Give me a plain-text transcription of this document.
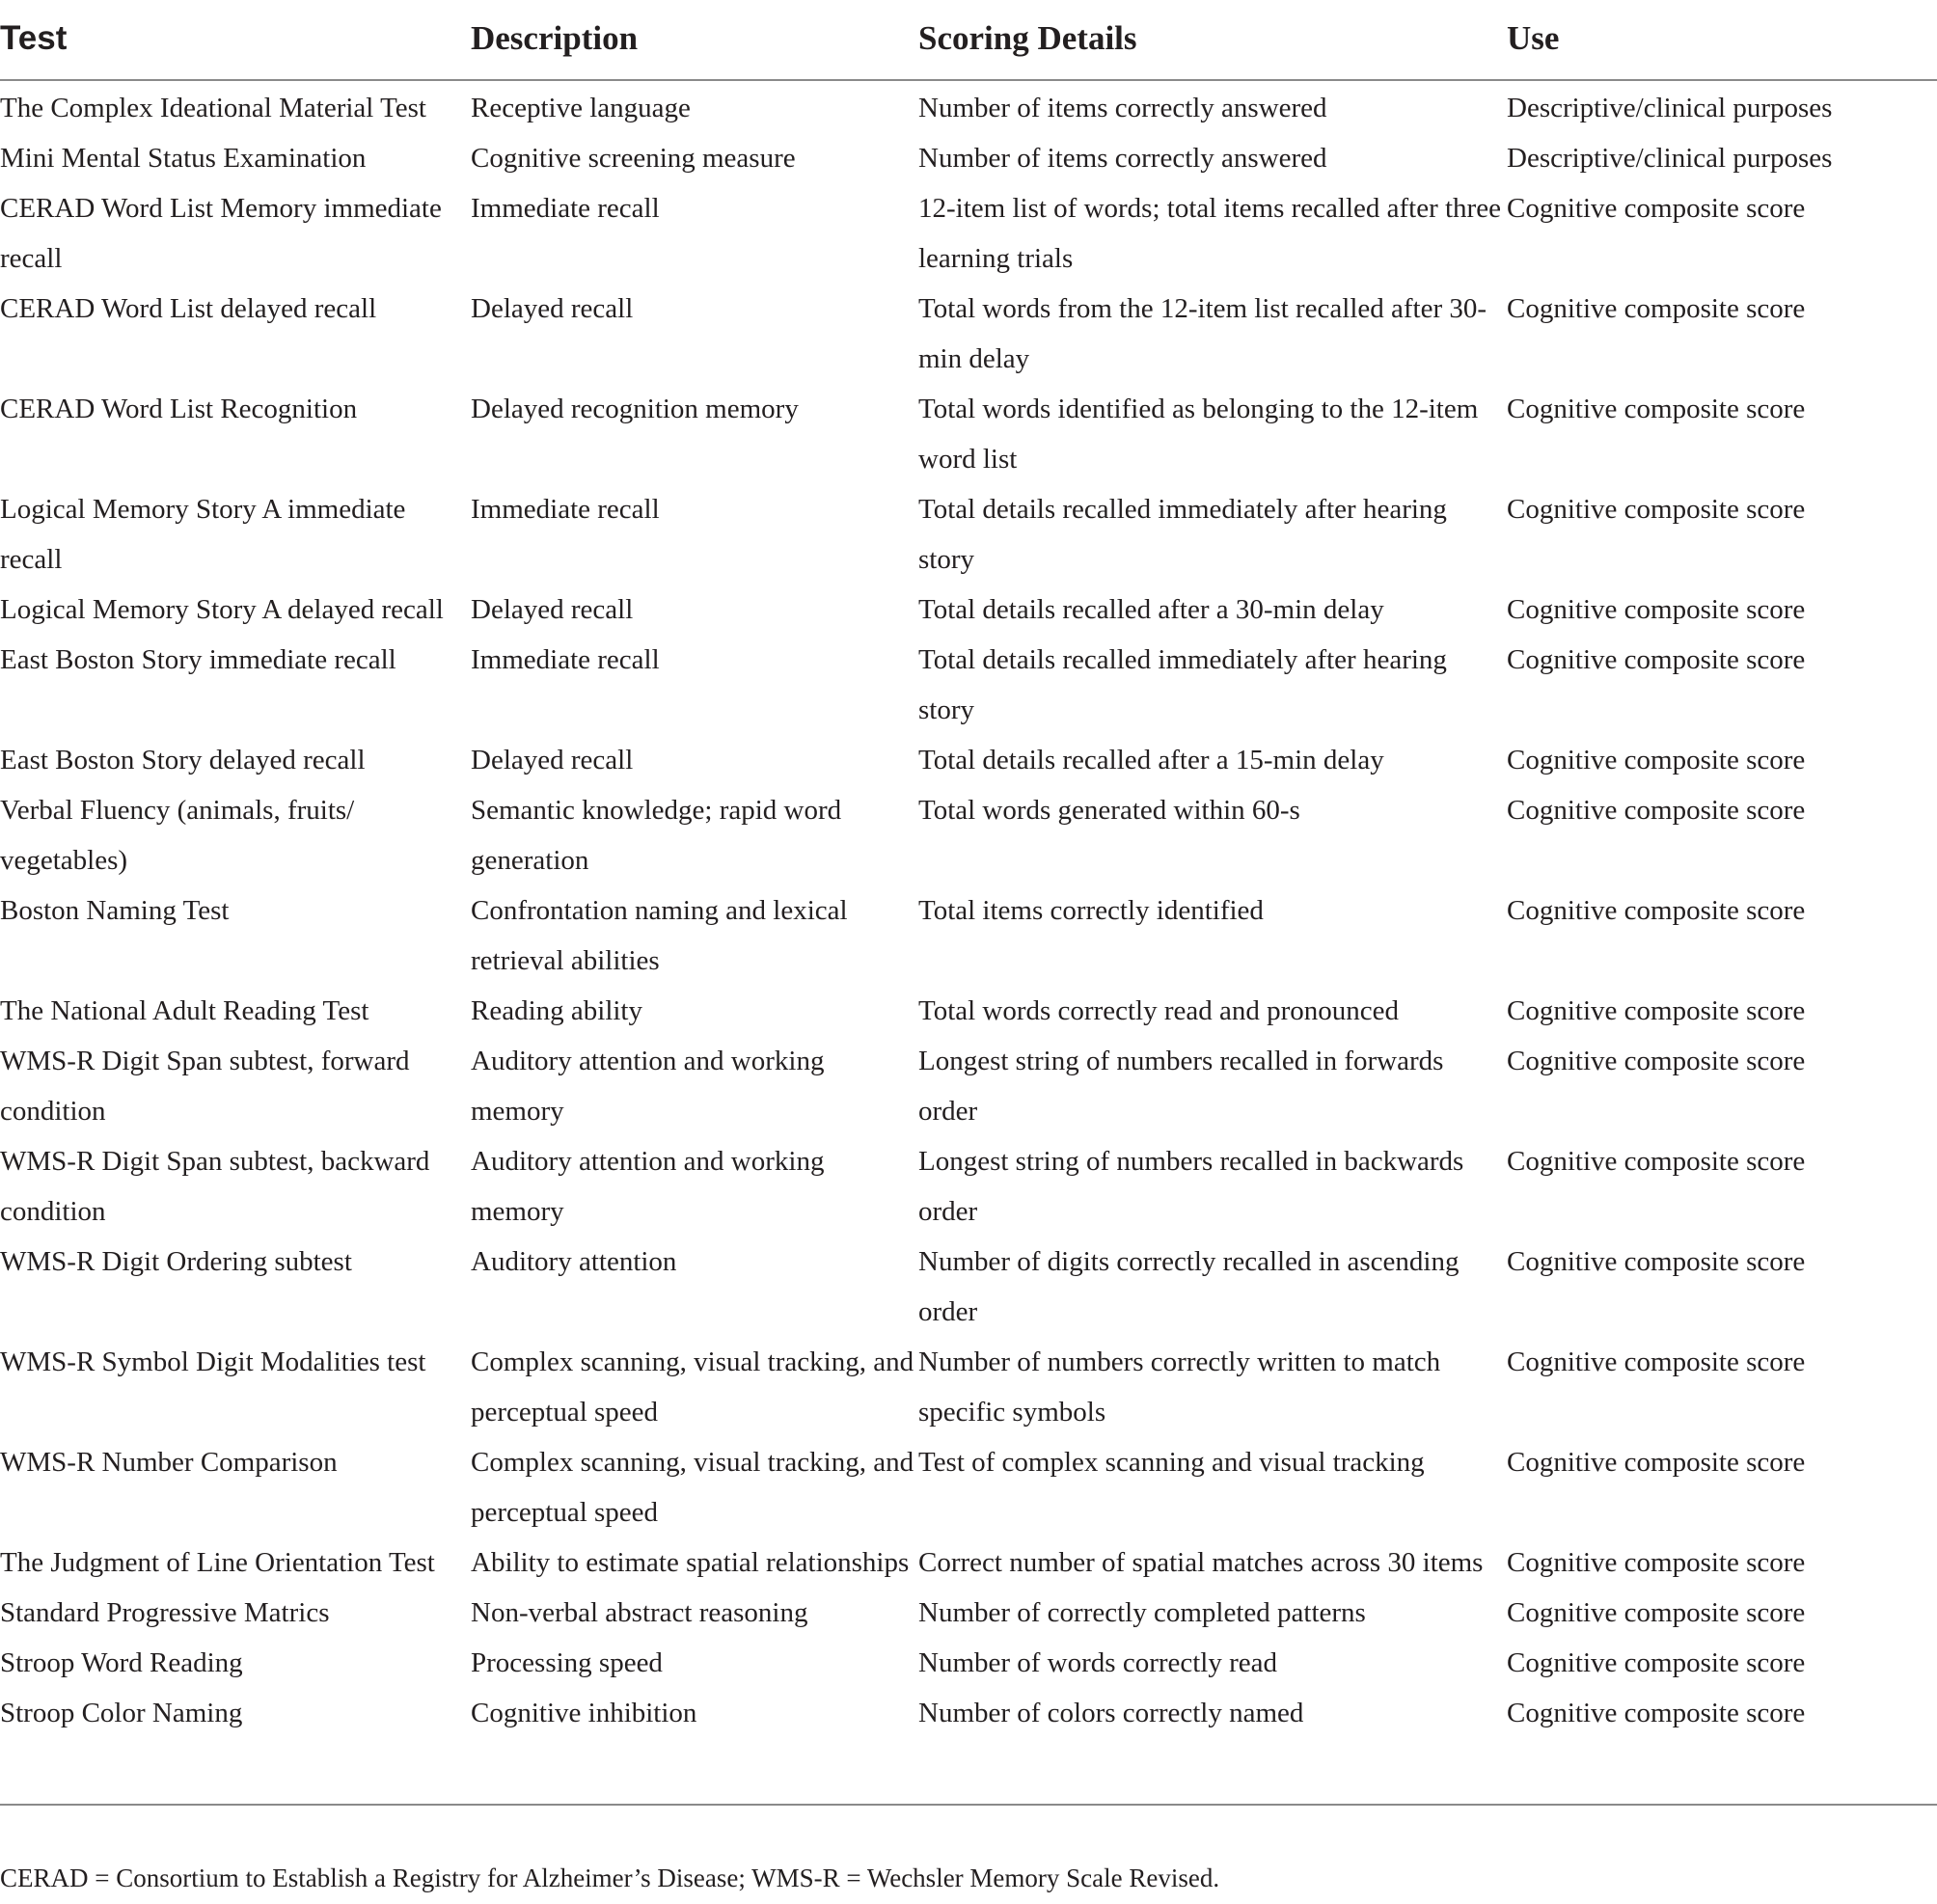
Test	Description	Scoring Details	Use
The Complex Ideational Material Test	Receptive language	Number of items correctly answered	Descriptive/clinical purposes
Mini Mental Status Examination	Cognitive screening measure	Number of items correctly answered	Descriptive/clinical purposes
CERAD Word List Memory immediate recall	Immediate recall	12-item list of words; total items recalled after three learning trials	Cognitive composite score
CERAD Word List delayed recall	Delayed recall	Total words from the 12-item list recalled after 30-min delay	Cognitive composite score
CERAD Word List Recognition	Delayed recognition memory	Total words identified as belonging to the 12-item word list	Cognitive composite score
Logical Memory Story A immediate recall	Immediate recall	Total details recalled immediately after hearing story	Cognitive composite score
Logical Memory Story A delayed recall	Delayed recall	Total details recalled after a 30-min delay	Cognitive composite score
East Boston Story immediate recall	Immediate recall	Total details recalled immediately after hearing story	Cognitive composite score
East Boston Story delayed recall	Delayed recall	Total details recalled after a 15-min delay	Cognitive composite score
Verbal Fluency (animals, fruits/ vegetables)	Semantic knowledge; rapid word generation	Total words generated within 60-s	Cognitive composite score
Boston Naming Test	Confrontation naming and lexical retrieval abilities	Total items correctly identified	Cognitive composite score
The National Adult Reading Test	Reading ability	Total words correctly read and pronounced	Cognitive composite score
WMS-R Digit Span subtest, forward condition	Auditory attention and working memory	Longest string of numbers recalled in forwards order	Cognitive composite score
WMS-R Digit Span subtest, backward condition	Auditory attention and working memory	Longest string of numbers recalled in backwards order	Cognitive composite score
WMS-R Digit Ordering subtest	Auditory attention	Number of digits correctly recalled in ascending order	Cognitive composite score
WMS-R Symbol Digit Modalities test	Complex scanning, visual tracking, and perceptual speed	Number of numbers correctly written to match specific symbols	Cognitive composite score
WMS-R Number Comparison	Complex scanning, visual tracking, and perceptual speed	Test of complex scanning and visual tracking	Cognitive composite score
The Judgment of Line Orientation Test	Ability to estimate spatial relationships	Correct number of spatial matches across 30 items	Cognitive composite score
Standard Progressive Matrics	Non-verbal abstract reasoning	Number of correctly completed patterns	Cognitive composite score
Stroop Word Reading	Processing speed	Number of words correctly read	Cognitive composite score
Stroop Color Naming	Cognitive inhibition	Number of colors correctly named	Cognitive composite score
CERAD = Consortium to Establish a Registry for Alzheimer’s Disease; WMS-R = Wechsler Memory Scale Revised.
